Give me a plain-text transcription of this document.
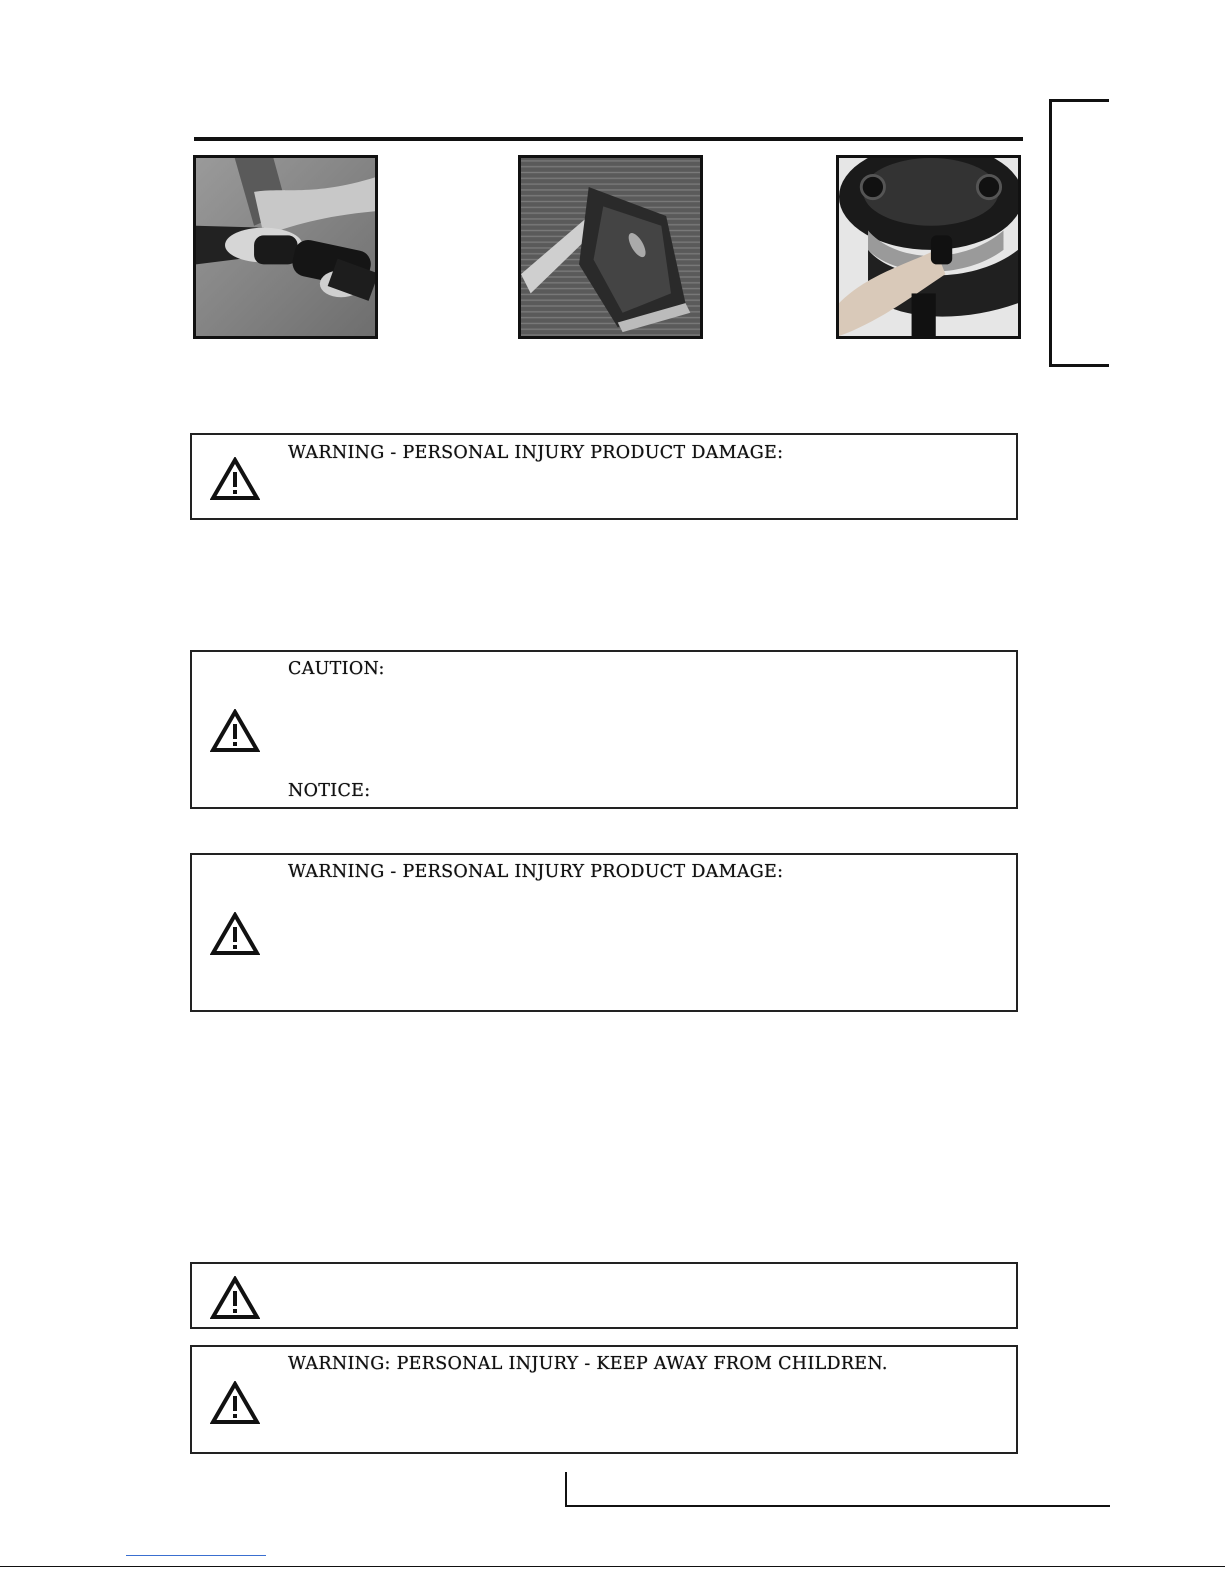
WARNING - PERSONAL INJURY PRODUCT DAMAGE:
CAUTION:
NOTICE:
WARNING - PERSONAL INJURY PRODUCT DAMAGE:
WARNING: PERSONAL INJURY - KEEP AWAY FROM CHILDREN.
